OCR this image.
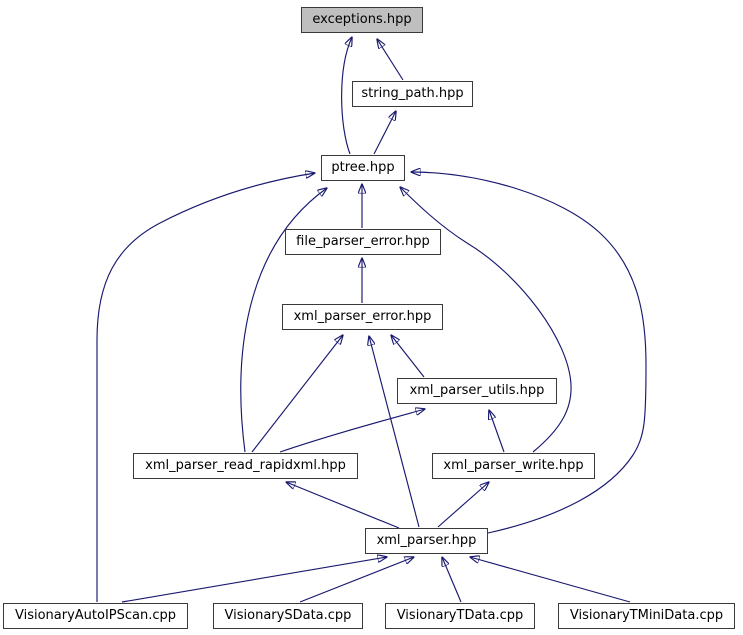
exceptions.hpp
string_path.hpp
ptree.hpp
file_parser_error.hpp
xml_parser_error.hpp
xml_parser_utils.hpp
xml_parser_read_rapidxml.hpp	xml_parser_write.hpp
xml_parser.hpp
VisionaryAutoIPScan.cpp	VisionarySData.cpp	VisionaryTData.cpp	VisionaryTMiniData.cpp
